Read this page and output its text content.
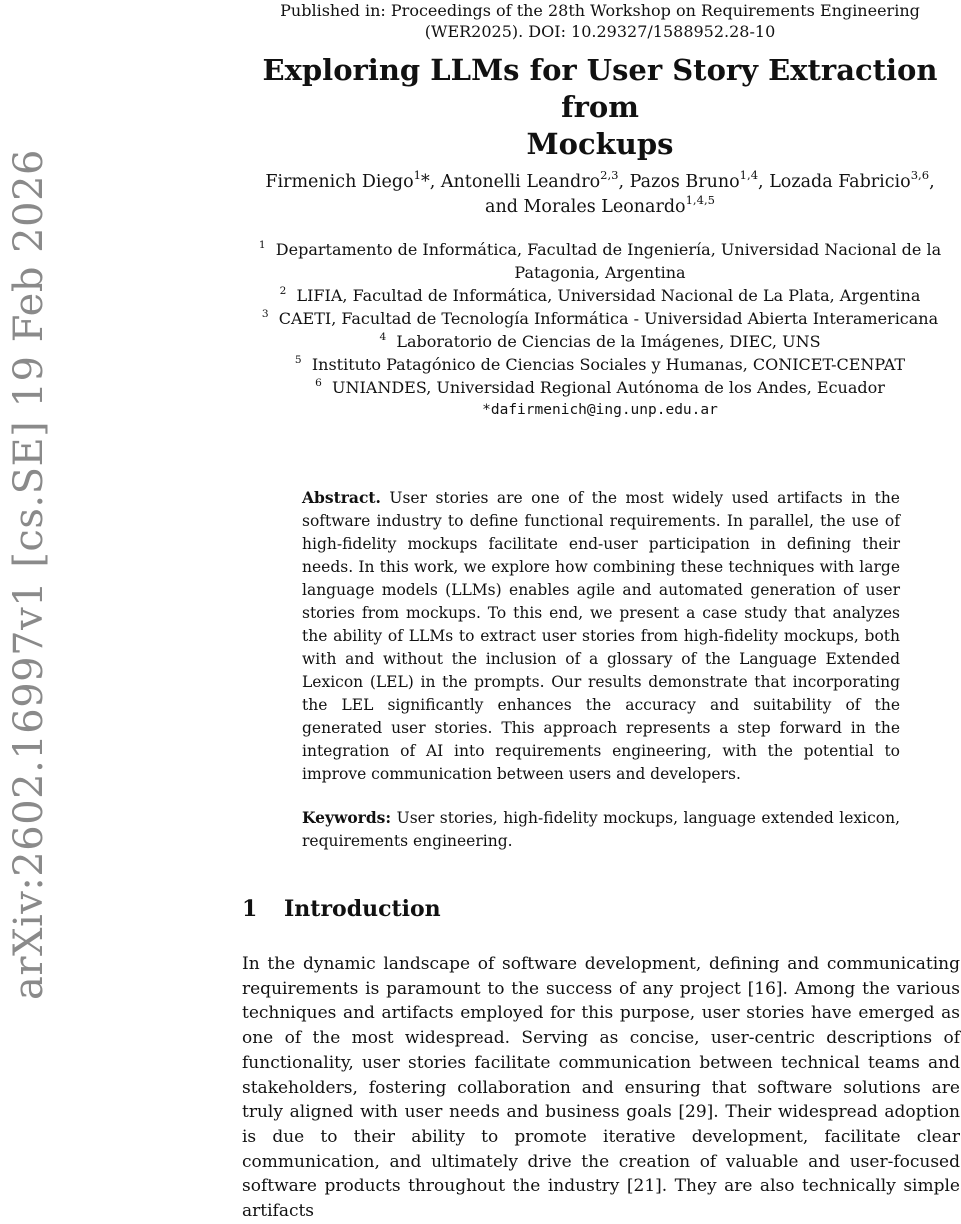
arXiv:2602.16997v1 [cs.SE] 19 Feb 2026
Published in: Proceedings of the 28th Workshop on Requirements Engineering
(WER2025). DOI: 10.29327/1588952.28-10
Exploring LLMs for User Story Extraction from
Mockups
Firmenich Diego$^1$*, Antonelli Leandro$^{2,3}$, Pazos Bruno$^{1,4}$, Lozada Fabricio$^{3,6}$,
and Morales Leonardo$^{1,4,5}$
$^1$ Departamento de Informática, Facultad de Ingeniería, Universidad Nacional de la
Patagonia, Argentina
$^2$ LIFIA, Facultad de Informática, Universidad Nacional de La Plata, Argentina
$^3$ CAETI, Facultad de Tecnología Informática - Universidad Abierta Interamericana
$^4$ Laboratorio de Ciencias de la Imágenes, DIEC, UNS
$^5$ Instituto Patagónico de Ciencias Sociales y Humanas, CONICET-CENPAT
$^6$ UNIANDES, Universidad Regional Autónoma de los Andes, Ecuador
*dafirmenich@ing.unp.edu.ar
Abstract. User stories are one of the most widely used artifacts in the software industry to define functional requirements. In parallel, the use of high-fidelity mockups facilitate end-user participation in defining their needs. In this work, we explore how combining these techniques with large language models (LLMs) enables agile and automated generation of user stories from mockups. To this end, we present a case study that analyzes the ability of LLMs to extract user stories from high-fidelity mockups, both with and without the inclusion of a glossary of the Language Extended Lexicon (LEL) in the prompts. Our results demonstrate that incorporating the LEL significantly enhances the accuracy and suitability of the generated user stories. This approach represents a step forward in the integration of AI into requirements engineering, with the potential to improve communication between users and developers.
Keywords: User stories, high-fidelity mockups, language extended lexicon, requirements engineering.
1 Introduction

In the dynamic landscape of software development, defining and communicating requirements is paramount to the success of any project [16]. Among the various techniques and artifacts employed for this purpose, user stories have emerged as one of the most widespread. Serving as concise, user-centric descriptions of functionality, user stories facilitate communication between technical teams and stakeholders, fostering collaboration and ensuring that software solutions are truly aligned with user needs and business goals [29]. Their widespread adoption is due to their ability to promote iterative development, facilitate clear communication, and ultimately drive the creation of valuable and user-focused software products throughout the industry [21]. They are also technically simple artifacts
